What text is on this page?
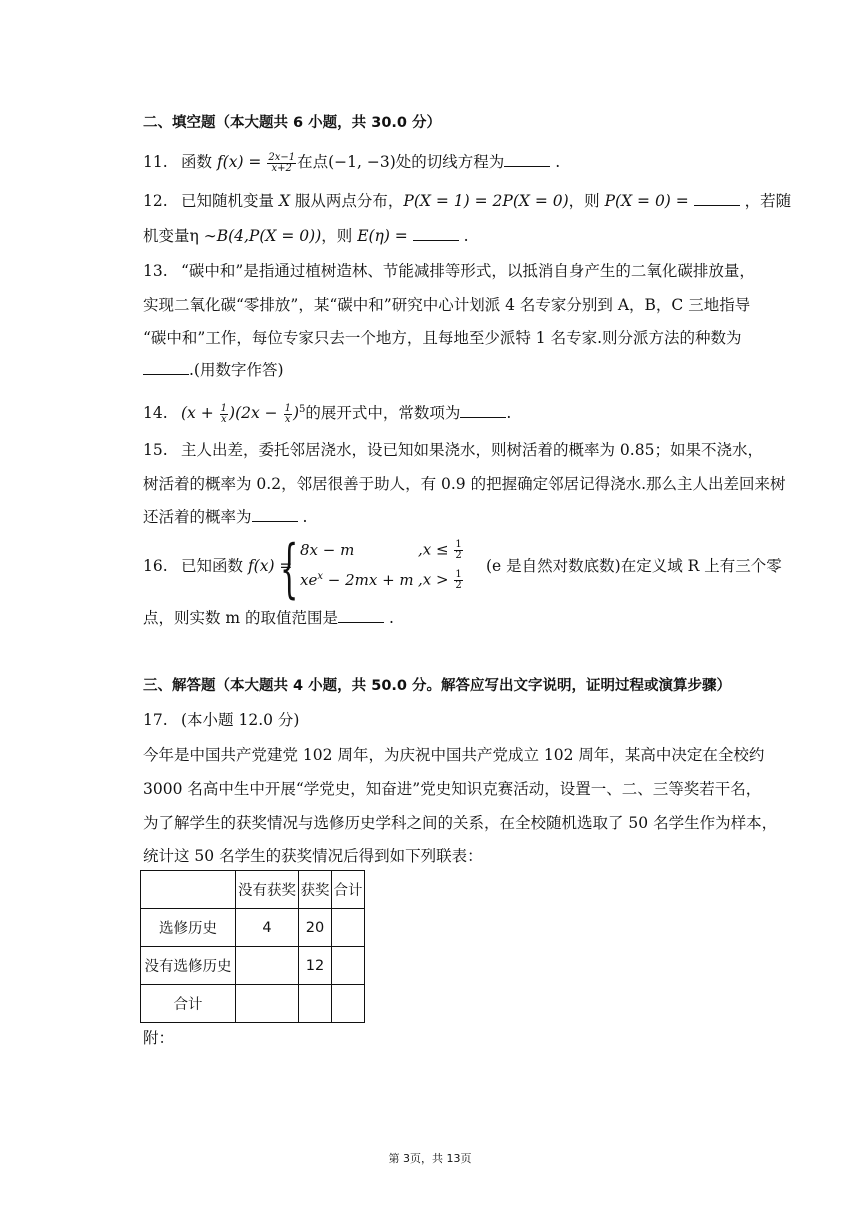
二、填空题（本大题共 6 小题，共 30.0 分）
11. 函数 $f(x) = \frac{2x-1}{x+2}$ 在点(−1, −3)处的切线方程为	.
12. 已知随机变量 X 服从两点分布，P(X = 1) = 2P(X = 0)，则 P(X = 0) =	，若随
机变量η ∼B(4,P(X = 0))，则 E(η) =	.
13. “碳中和”是指通过植树造林、节能减排等形式，以抵消自身产生的二氧化碳排放量，
实现二氧化碳“零排放”，某“碳中和”研究中心计划派 4 名专家分别到 A，B，C 三地指导
“碳中和”工作，每位专家只去一个地方，且每地至少派特 1 名专家.则分派方法的种数为
.(用数字作答)
14. $(x + \frac{1}{x} )(2x - \frac{1}{x} )^5$的展开式中，常数项为	.
15. 主人出差，委托邻居浇水，设已知如果浇水，则树活着的概率为 0.85；如果不浇水，
树活着的概率为 0.2，邻居很善于助人，有 0.9 的把握确定邻居记得浇水.那么主人出差回来树
还活着的概率为	.
16. 已知函数 f(x) =
{ 8x − m	$,x \le \frac{1}{2}$
$xe^x - 2mx + m$ $,x > \frac{1}{2}$
(e 是自然对数底数)在定义域 R 上有三个零
点，则实数 m 的取值范围是	.
三、解答题（本大题共 4 小题，共 50.0 分。解答应写出文字说明，证明过程或演算步骤）
17. (本小题 12.0 分)
今年是中国共产党建党 102 周年，为庆祝中国共产党成立 102 周年，某高中决定在全校约
3000 名高中生中开展“学党史，知奋进”党史知识克赛活动，设置一、二、三等奖若干名，
为了解学生的获奖情况与选修历史学科之间的关系，在全校随机选取了 50 名学生作为样本，
统计这 50 名学生的获奖情况后得到如下列联表：
	没有获奖	获奖	合计
选修历史	4	20	
没有选修历史		12	
合计			
附：
第 3页，共 13页
